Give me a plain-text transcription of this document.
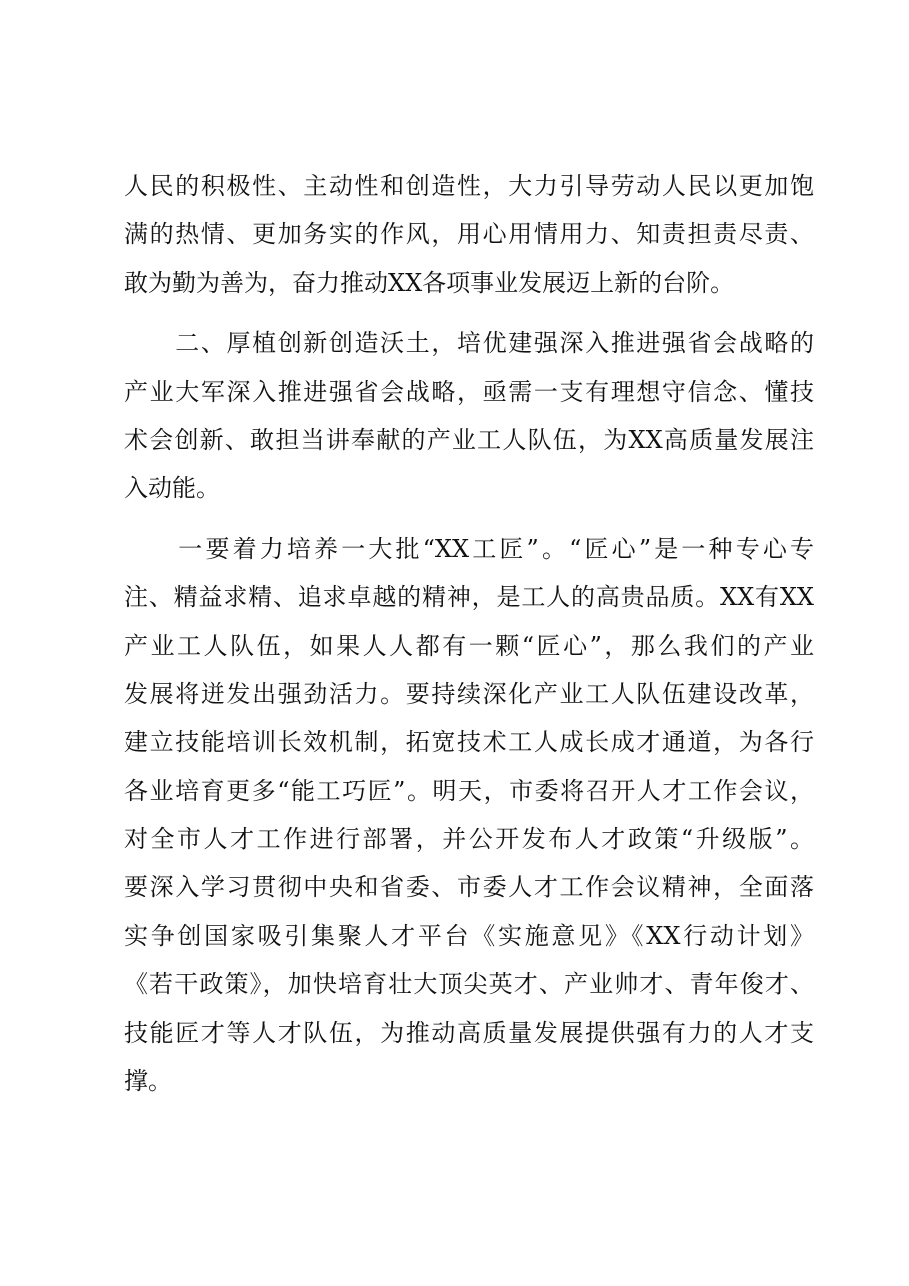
人民的积极性、主动性和创造性，大力引导劳动人民以更加饱
满的热情、更加务实的作风，用心用情用力、知责担责尽责、
敢为勤为善为，奋力推动XX各项事业发展迈上新的台阶。
　　二、厚植创新创造沃土，培优建强深入推进强省会战略的
产业大军深入推进强省会战略，亟需一支有理想守信念、懂技
术会创新、敢担当讲奉献的产业工人队伍，为XX高质量发展注
入动能。
　　一要着力培养一大批“XX工匠”。“匠心”是一种专心专
注、精益求精、追求卓越的精神，是工人的高贵品质。XX有XX
产业工人队伍，如果人人都有一颗“匠心”，那么我们的产业
发展将迸发出强劲活力。要持续深化产业工人队伍建设改革，
建立技能培训长效机制，拓宽技术工人成长成才通道，为各行
各业培育更多“能工巧匠”。明天，市委将召开人才工作会议，
对全市人才工作进行部署，并公开发布人才政策“升级版”。
要深入学习贯彻中央和省委、市委人才工作会议精神，全面落
实争创国家吸引集聚人才平台《实施意见》《XX行动计划》
《若干政策》，加快培育壮大顶尖英才、产业帅才、青年俊才、
技能匠才等人才队伍，为推动高质量发展提供强有力的人才支
撑。
